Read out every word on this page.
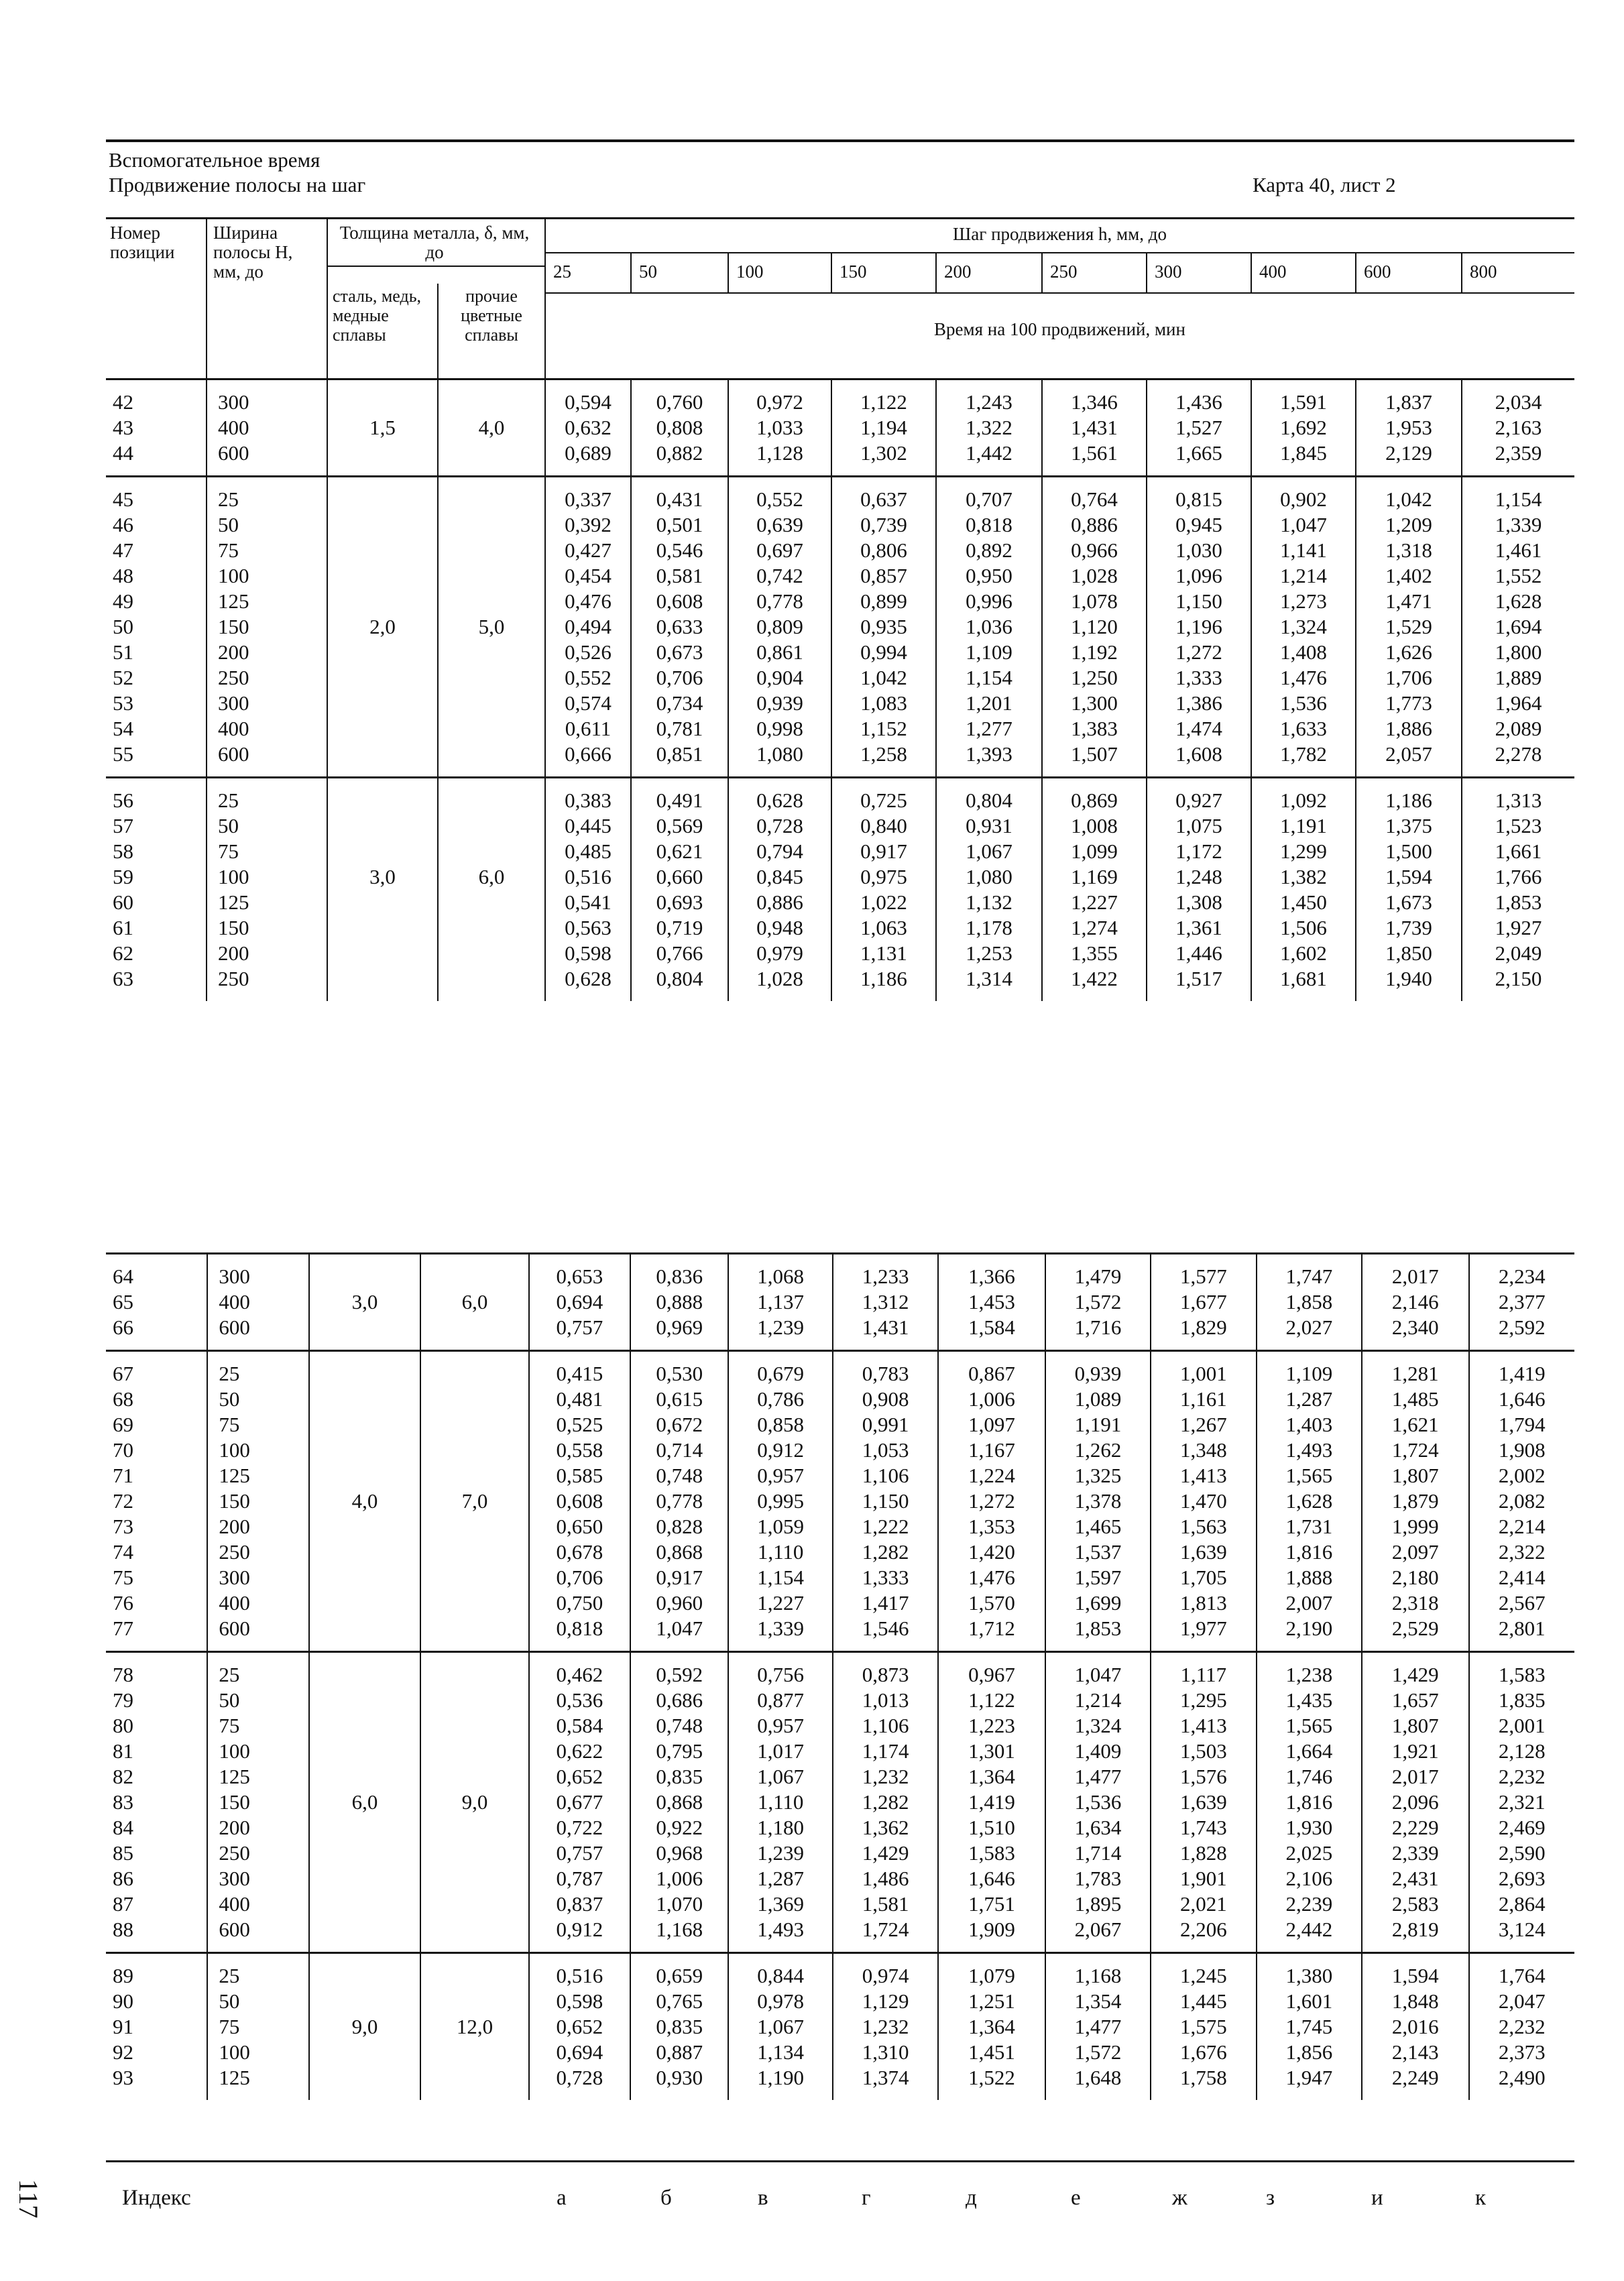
Вспомогательное время
Продвижение полосы на шаг	Карта 40, лист 2
Номер позиции
Ширина полосы H, мм, до
Толщина металла, δ, мм, до
сталь, медь, медные сплавы
прочие цветные сплавы
Шаг продвижения h, мм, до
25	50	100	150	200	250	300	400	600	800
Время на 100 продвижений, мин
42	300			0,594	0,760	0,972	1,122	1,243	1,346	1,436	1,591	1,837	2,034
43	400	1,5	4,0	0,632	0,808	1,033	1,194	1,322	1,431	1,527	1,692	1,953	2,163
44	600			0,689	0,882	1,128	1,302	1,442	1,561	1,665	1,845	2,129	2,359
45	25			0,337	0,431	0,552	0,637	0,707	0,764	0,815	0,902	1,042	1,154
46	50			0,392	0,501	0,639	0,739	0,818	0,886	0,945	1,047	1,209	1,339
47	75			0,427	0,546	0,697	0,806	0,892	0,966	1,030	1,141	1,318	1,461
48	100			0,454	0,581	0,742	0,857	0,950	1,028	1,096	1,214	1,402	1,552
49	125			0,476	0,608	0,778	0,899	0,996	1,078	1,150	1,273	1,471	1,628
50	150	2,0	5,0	0,494	0,633	0,809	0,935	1,036	1,120	1,196	1,324	1,529	1,694
51	200			0,526	0,673	0,861	0,994	1,109	1,192	1,272	1,408	1,626	1,800
52	250			0,552	0,706	0,904	1,042	1,154	1,250	1,333	1,476	1,706	1,889
53	300			0,574	0,734	0,939	1,083	1,201	1,300	1,386	1,536	1,773	1,964
54	400			0,611	0,781	0,998	1,152	1,277	1,383	1,474	1,633	1,886	2,089
55	600			0,666	0,851	1,080	1,258	1,393	1,507	1,608	1,782	2,057	2,278
56	25			0,383	0,491	0,628	0,725	0,804	0,869	0,927	1,092	1,186	1,313
57	50			0,445	0,569	0,728	0,840	0,931	1,008	1,075	1,191	1,375	1,523
58	75			0,485	0,621	0,794	0,917	1,067	1,099	1,172	1,299	1,500	1,661
59	100	3,0	6,0	0,516	0,660	0,845	0,975	1,080	1,169	1,248	1,382	1,594	1,766
60	125			0,541	0,693	0,886	1,022	1,132	1,227	1,308	1,450	1,673	1,853
61	150			0,563	0,719	0,948	1,063	1,178	1,274	1,361	1,506	1,739	1,927
62	200			0,598	0,766	0,979	1,131	1,253	1,355	1,446	1,602	1,850	2,049
63	250			0,628	0,804	1,028	1,186	1,314	1,422	1,517	1,681	1,940	2,150
64	300			0,653	0,836	1,068	1,233	1,366	1,479	1,577	1,747	2,017	2,234
65	400	3,0	6,0	0,694	0,888	1,137	1,312	1,453	1,572	1,677	1,858	2,146	2,377
66	600			0,757	0,969	1,239	1,431	1,584	1,716	1,829	2,027	2,340	2,592
67	25			0,415	0,530	0,679	0,783	0,867	0,939	1,001	1,109	1,281	1,419
68	50			0,481	0,615	0,786	0,908	1,006	1,089	1,161	1,287	1,485	1,646
69	75			0,525	0,672	0,858	0,991	1,097	1,191	1,267	1,403	1,621	1,794
70	100			0,558	0,714	0,912	1,053	1,167	1,262	1,348	1,493	1,724	1,908
71	125			0,585	0,748	0,957	1,106	1,224	1,325	1,413	1,565	1,807	2,002
72	150	4,0	7,0	0,608	0,778	0,995	1,150	1,272	1,378	1,470	1,628	1,879	2,082
73	200			0,650	0,828	1,059	1,222	1,353	1,465	1,563	1,731	1,999	2,214
74	250			0,678	0,868	1,110	1,282	1,420	1,537	1,639	1,816	2,097	2,322
75	300			0,706	0,917	1,154	1,333	1,476	1,597	1,705	1,888	2,180	2,414
76	400			0,750	0,960	1,227	1,417	1,570	1,699	1,813	2,007	2,318	2,567
77	600			0,818	1,047	1,339	1,546	1,712	1,853	1,977	2,190	2,529	2,801
78	25			0,462	0,592	0,756	0,873	0,967	1,047	1,117	1,238	1,429	1,583
79	50			0,536	0,686	0,877	1,013	1,122	1,214	1,295	1,435	1,657	1,835
80	75			0,584	0,748	0,957	1,106	1,223	1,324	1,413	1,565	1,807	2,001
81	100			0,622	0,795	1,017	1,174	1,301	1,409	1,503	1,664	1,921	2,128
82	125			0,652	0,835	1,067	1,232	1,364	1,477	1,576	1,746	2,017	2,232
83	150	6,0	9,0	0,677	0,868	1,110	1,282	1,419	1,536	1,639	1,816	2,096	2,321
84	200			0,722	0,922	1,180	1,362	1,510	1,634	1,743	1,930	2,229	2,469
85	250			0,757	0,968	1,239	1,429	1,583	1,714	1,828	2,025	2,339	2,590
86	300			0,787	1,006	1,287	1,486	1,646	1,783	1,901	2,106	2,431	2,693
87	400			0,837	1,070	1,369	1,581	1,751	1,895	2,021	2,239	2,583	2,864
88	600			0,912	1,168	1,493	1,724	1,909	2,067	2,206	2,442	2,819	3,124
89	25			0,516	0,659	0,844	0,974	1,079	1,168	1,245	1,380	1,594	1,764
90	50			0,598	0,765	0,978	1,129	1,251	1,354	1,445	1,601	1,848	2,047
91	75	9,0	12,0	0,652	0,835	1,067	1,232	1,364	1,477	1,575	1,745	2,016	2,232
92	100			0,694	0,887	1,134	1,310	1,451	1,572	1,676	1,856	2,143	2,373
93	125			0,728	0,930	1,190	1,374	1,522	1,648	1,758	1,947	2,249	2,490
Индекс	а	б	в	г	д	е	ж	з	и	к
117
